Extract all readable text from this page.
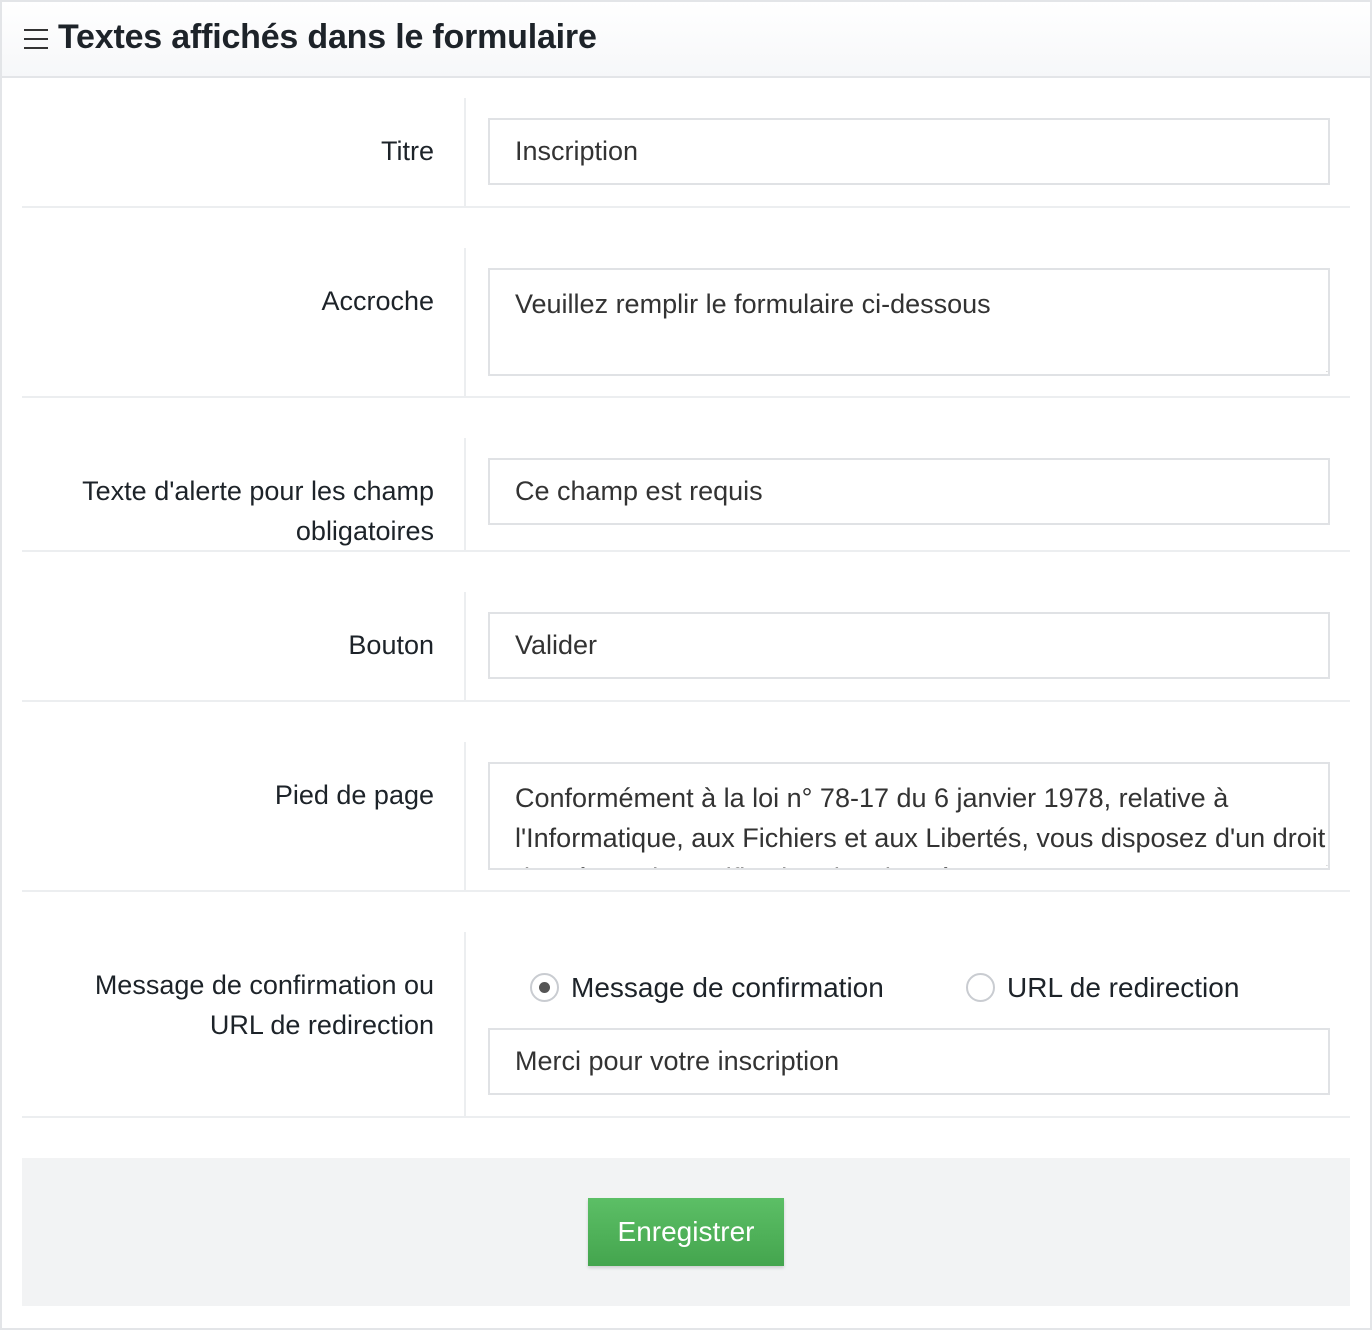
Textes affichés dans le formulaire
Titre
Inscription
Accroche
Veuillez remplir le formulaire ci-dessous
Texte d'alerte pour les champ
obligatoires
Ce champ est requis
Bouton
Valider
Pied de page
Conformément à la loi n° 78-17 du 6 janvier 1978, relative à l'Informatique, aux Fichiers et aux Libertés, vous disposez d'un droit d'accès et de rectification des données
Message de confirmation ou
URL de redirection
Message de confirmation	URL de redirection
Merci pour votre inscription
Enregistrer
